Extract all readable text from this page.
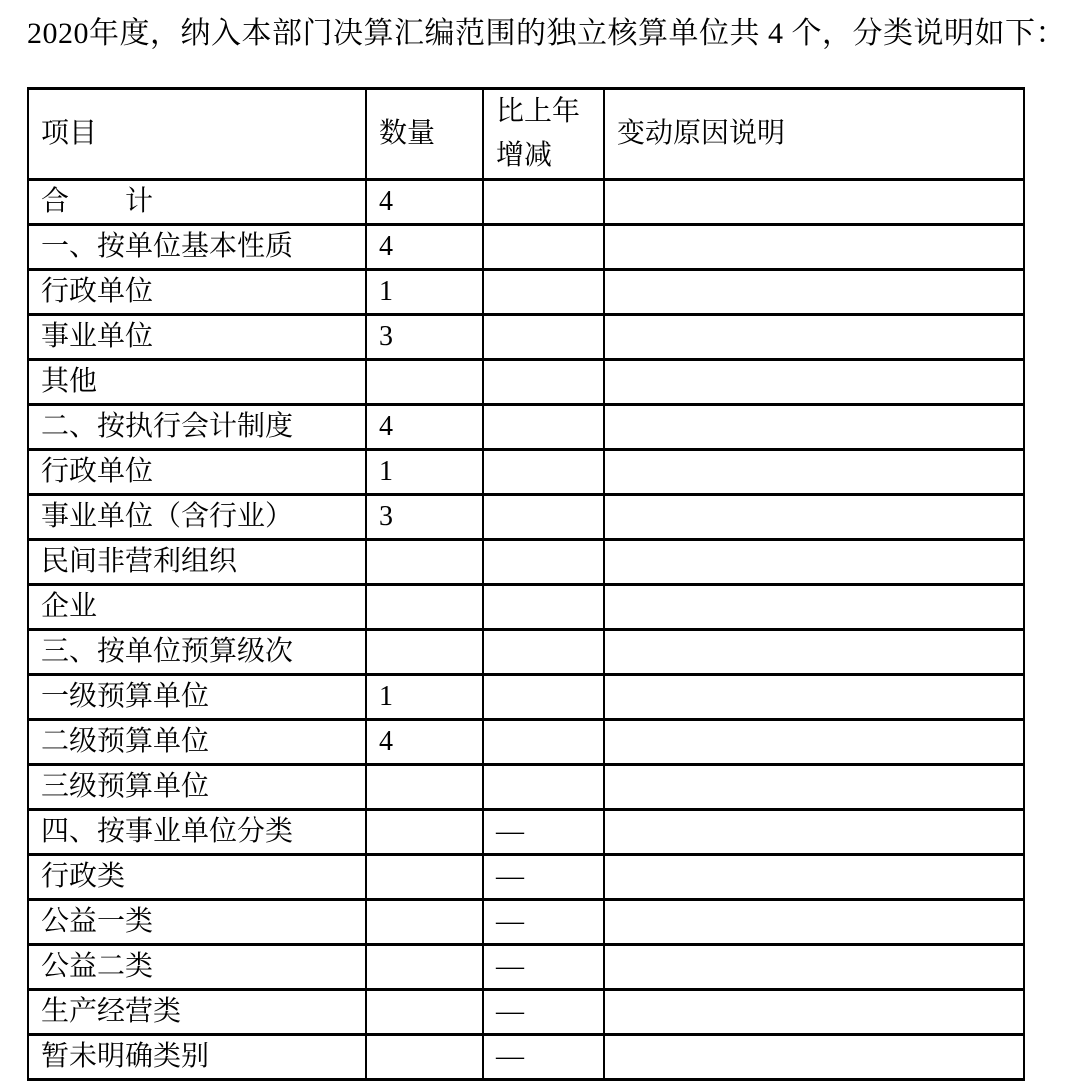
2020年度，纳入本部门决算汇编范围的独立核算单位共 4 个，分类说明如下：

项目	数量	比上年增减	变动原因说明
合　　计	4		
一、按单位基本性质	4		
行政单位	1		
事业单位	3		
其他			
二、按执行会计制度	4		
行政单位	1		
事业单位（含行业）	3		
民间非营利组织			
企业			
三、按单位预算级次			
一级预算单位	1		
二级预算单位	4		
三级预算单位			
四、按事业单位分类		—	
行政类		—	
公益一类		—	
公益二类		—	
生产经营类		—	
暂未明确类别		—	
